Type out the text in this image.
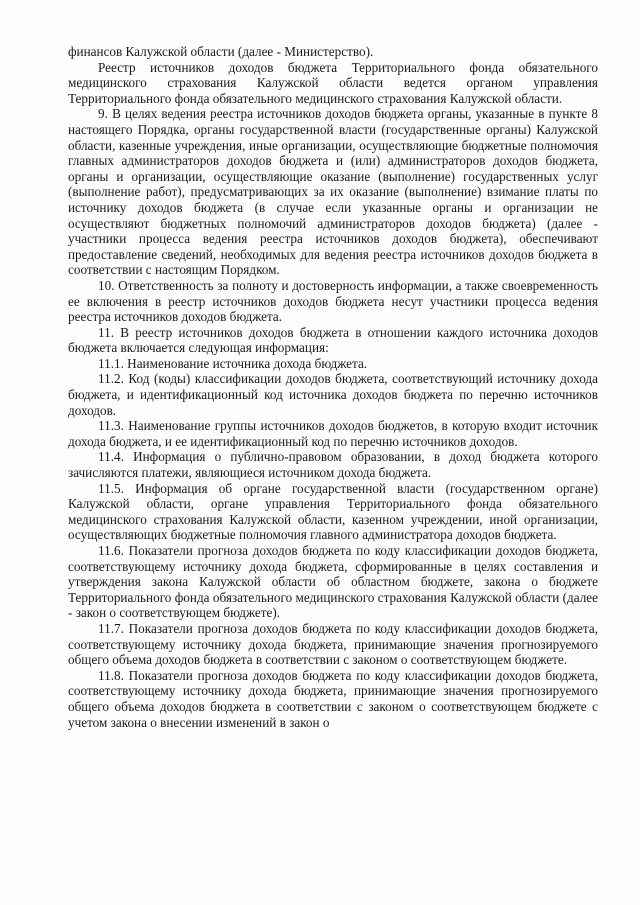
финансов Калужской области (далее - Министерство).

Реестр источников доходов бюджета Территориального фонда обязательного медицинского страхования Калужской области ведется органом управления Территориального фонда обязательного медицинского страхования Калужской области.

9. В целях ведения реестра источников доходов бюджета органы, указанные в пункте 8 настоящего Порядка, органы государственной власти (государственные органы) Калужской области, казенные учреждения, иные организации, осуществляющие бюджетные полномочия главных администраторов доходов бюджета и (или) администраторов доходов бюджета, органы и организации, осуществляющие оказание (выполнение) государственных услуг (выполнение работ), предусматривающих за их оказание (выполнение) взимание платы по источнику доходов бюджета (в случае если указанные органы и организации не осуществляют бюджетных полномочий администраторов доходов бюджета) (далее - участники процесса ведения реестра источников доходов бюджета), обеспечивают предоставление сведений, необходимых для ведения реестра источников доходов бюджета в соответствии с настоящим Порядком.

10. Ответственность за полноту и достоверность информации, а также своевременность ее включения в реестр источников доходов бюджета несут участники процесса ведения реестра источников доходов бюджета.

11. В реестр источников доходов бюджета в отношении каждого источника доходов бюджета включается следующая информация:

11.1. Наименование источника дохода бюджета.

11.2. Код (коды) классификации доходов бюджета, соответствующий источнику дохода бюджета, и идентификационный код источника доходов бюджета по перечню источников доходов.

11.3. Наименование группы источников доходов бюджетов, в которую входит источник дохода бюджета, и ее идентификационный код по перечню источников доходов.

11.4. Информация о публично-правовом образовании, в доход бюджета которого зачисляются платежи, являющиеся источником дохода бюджета.

11.5. Информация об органе государственной власти (государственном органе) Калужской области, органе управления Территориального фонда обязательного медицинского страхования Калужской области, казенном учреждении, иной организации, осуществляющих бюджетные полномочия главного администратора доходов бюджета.

11.6. Показатели прогноза доходов бюджета по коду классификации доходов бюджета, соответствующему источнику дохода бюджета, сформированные в целях составления и утверждения закона Калужской области об областном бюджете, закона о бюджете Территориального фонда обязательного медицинского страхования Калужской области (далее - закон о соответствующем бюджете).

11.7. Показатели прогноза доходов бюджета по коду классификации доходов бюджета, соответствующему источнику дохода бюджета, принимающие значения прогнозируемого общего объема доходов бюджета в соответствии с законом о соответствующем бюджете.

11.8. Показатели прогноза доходов бюджета по коду классификации доходов бюджета, соответствующему источнику дохода бюджета, принимающие значения прогнозируемого общего объема доходов бюджета в соответствии с законом о соответствующем бюджете с учетом закона о внесении изменений в закон о
